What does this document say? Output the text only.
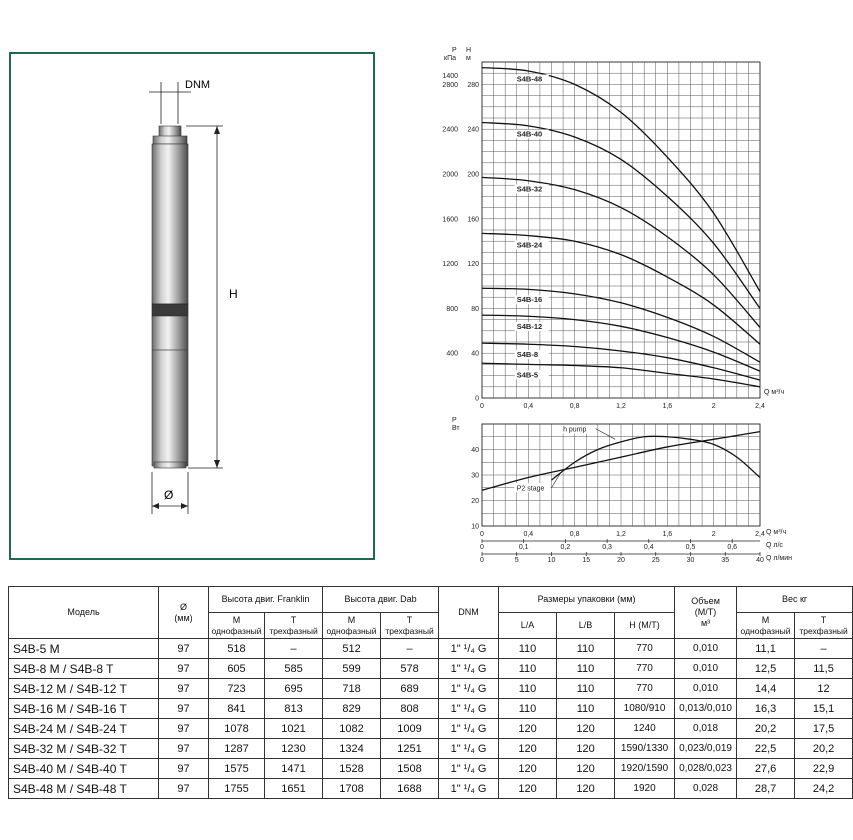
DNM
H
Ø
0	0,4	0,8	1,2	1,6	2	2,4
0
40
80
120
160
200
240
280
400
800
1200
1600
2000
2400
2800
1400
P
кПа
H
м
Q м³/ч
S4B-48
S4B-40
S4B-32
S4B-24
S4B-16
S4B-12
S4B-8
S4B-5
10
20
30
40
P
Вт
0	0,4	0,8	1,2	1,6	2	2,4 Q м³/ч
0	0,1	0,2	0,3	0,4	0,5	0,6	Q л/с
0	5	10	15	20	25	30	35	40 Q л/мин
h pump
P2 stage
Модель	Ø
(мм)	Высота двиг. Franklin		Высота двиг. Dab		DNM	Размеры упаковки (мм)			Объем
(М/Т)
м³	Вес кг	
		М
однофазный	Т
трехфазный	М
однофазный	Т
трехфазный		L/A	L/B	H (М/Т)		М
однофазный	Т
трехфазный
S4B-5 M	97	518	–	512	–	1" ¹/₄ G	110	110	770	0,010	11,1	–
S4B-8 M / S4B-8 T	97	605	585	599	578	1" ¹/₄ G	110	110	770	0,010	12,5	11,5
S4B-12 M / S4B-12 T	97	723	695	718	689	1" ¹/₄ G	110	110	770	0,010	14,4	12
S4B-16 M / S4B-16 T	97	841	813	829	808	1" ¹/₄ G	110	110	1080/910	0,013/0,010	16,3	15,1
S4B-24 M / S4B-24 T	97	1078	1021	1082	1009	1" ¹/₄ G	120	120	1240	0,018	20,2	17,5
S4B-32 M / S4B-32 T	97	1287	1230	1324	1251	1" ¹/₄ G	120	120	1590/1330	0,023/0,019	22,5	20,2
S4B-40 M / S4B-40 T	97	1575	1471	1528	1508	1" ¹/₄ G	120	120	1920/1590	0,028/0,023	27,6	22,9
S4B-48 M / S4B-48 T	97	1755	1651	1708	1688	1" ¹/₄ G	120	120	1920	0,028	28,7	24,2
